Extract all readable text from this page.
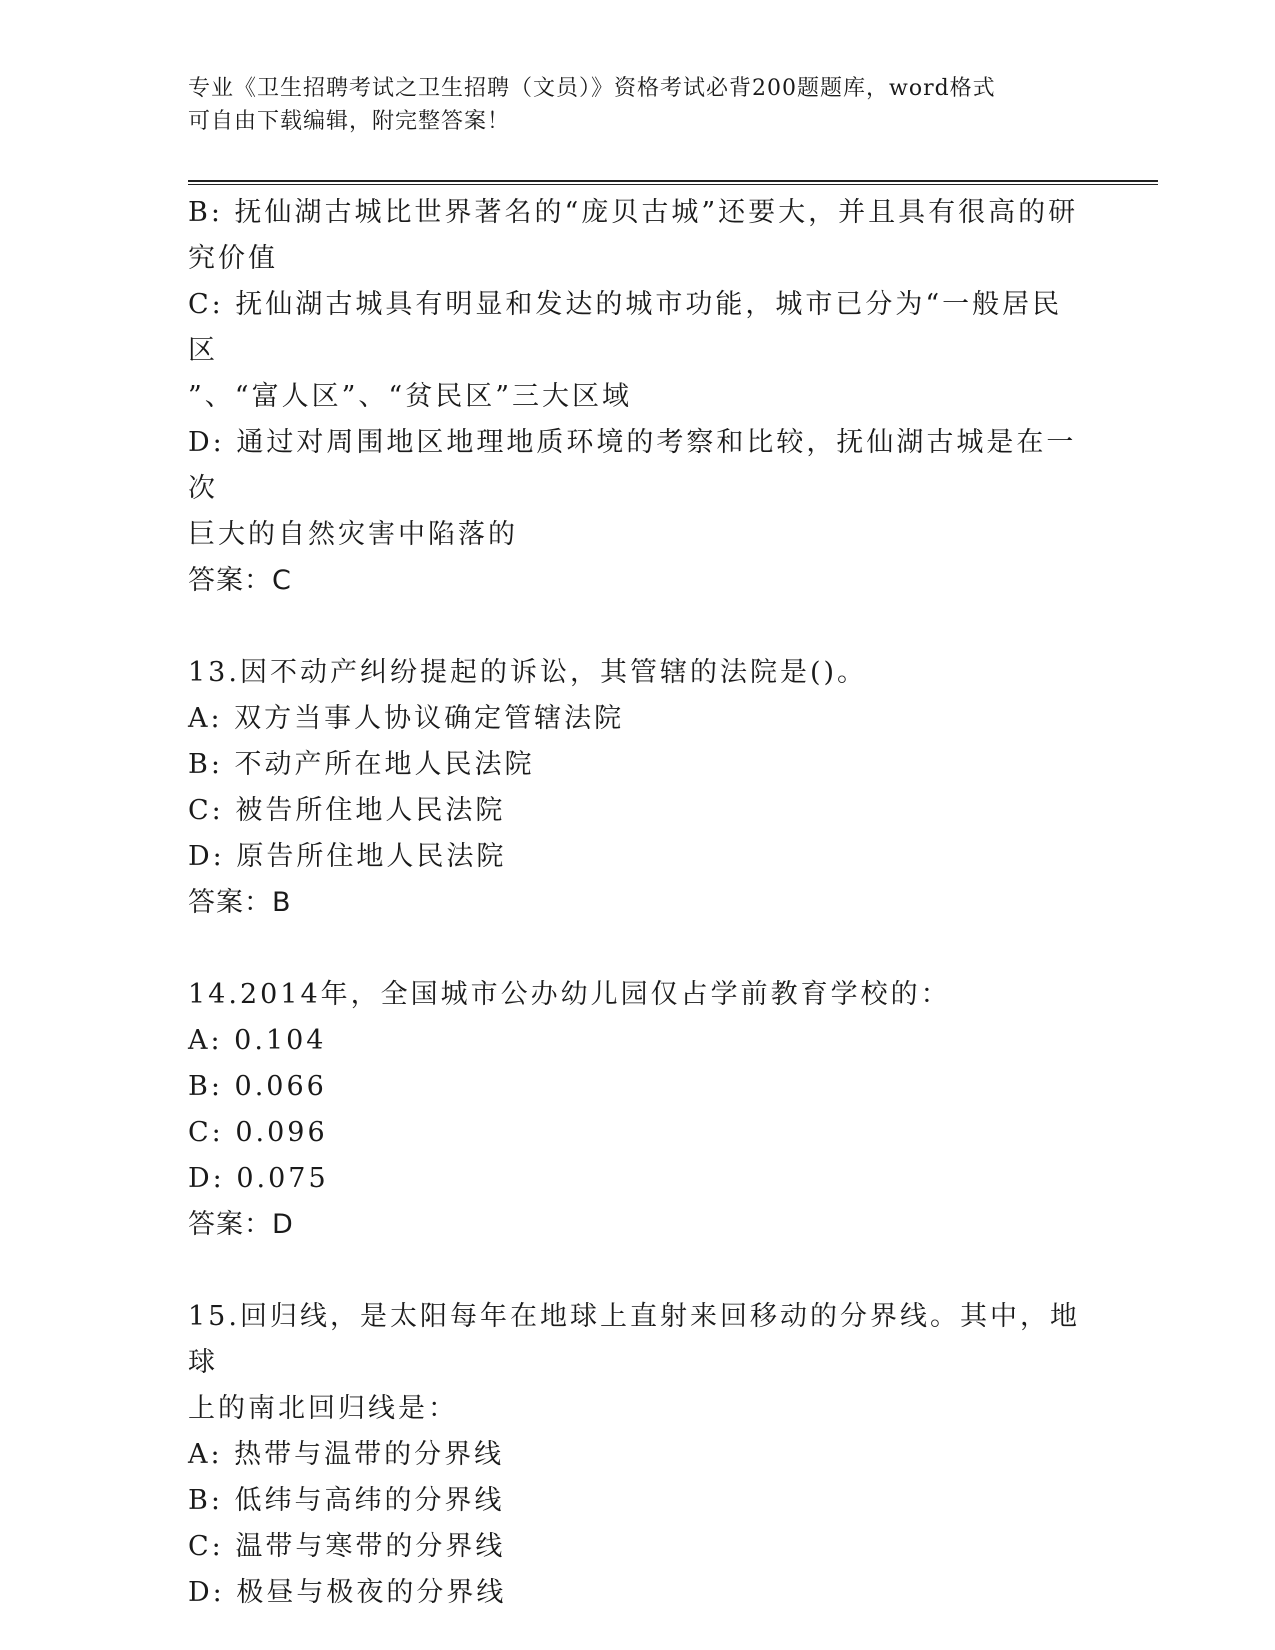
专业《卫生招聘考试之卫生招聘（文员）》资格考试必背200题题库，word格式
可自由下载编辑，附完整答案！
B: 抚仙湖古城比世界著名的“庞贝古城”还要大，并且具有很高的研
究价值
C: 抚仙湖古城具有明显和发达的城市功能，城市已分为“一般居民区
”、“富人区”、“贫民区”三大区域
D: 通过对周围地区地理地质环境的考察和比较，抚仙湖古城是在一次
巨大的自然灾害中陷落的
答案：C
13.因不动产纠纷提起的诉讼，其管辖的法院是()。
A: 双方当事人协议确定管辖法院
B: 不动产所在地人民法院
C: 被告所住地人民法院
D: 原告所住地人民法院
答案：B
14.2014年，全国城市公办幼儿园仅占学前教育学校的：
A: 0.104
B: 0.066
C: 0.096
D: 0.075
答案：D
15.回归线，是太阳每年在地球上直射来回移动的分界线。其中，地球
上的南北回归线是：
A: 热带与温带的分界线
B: 低纬与高纬的分界线
C: 温带与寒带的分界线
D: 极昼与极夜的分界线
